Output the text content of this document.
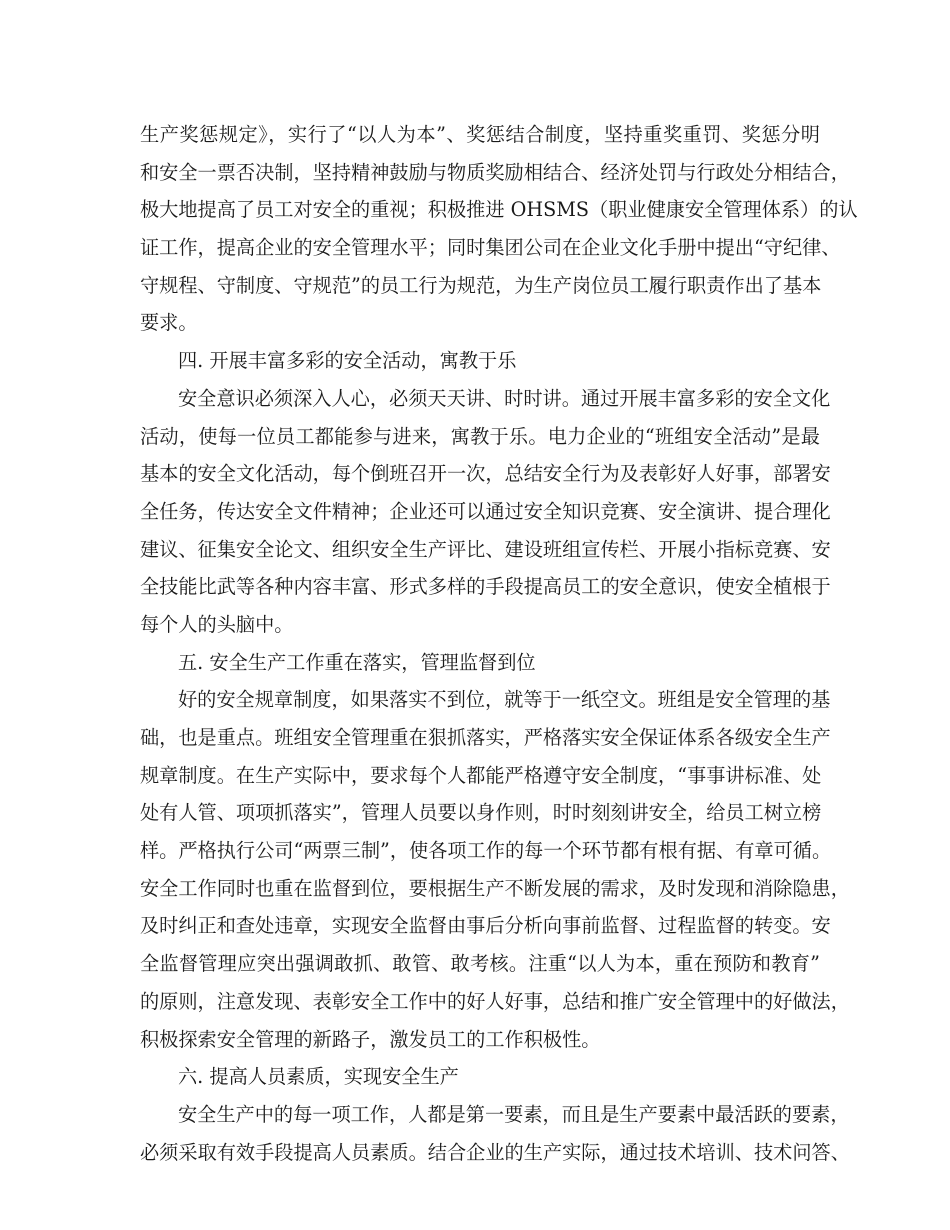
生产奖惩规定》，实行了“以人为本”、奖惩结合制度，坚持重奖重罚、奖惩分明

和安全一票否决制，坚持精神鼓励与物质奖励相结合、经济处罚与行政处分相结合，

极大地提高了员工对安全的重视；积极推进 OHSMS（职业健康安全管理体系）的认

证工作，提高企业的安全管理水平；同时集团公司在企业文化手册中提出“守纪律、

守规程、守制度、守规范”的员工行为规范，为生产岗位员工履行职责作出了基本

要求。

四. 开展丰富多彩的安全活动，寓教于乐

安全意识必须深入人心，必须天天讲、时时讲。通过开展丰富多彩的安全文化

活动，使每一位员工都能参与进来，寓教于乐。电力企业的“班组安全活动”是最

基本的安全文化活动，每个倒班召开一次，总结安全行为及表彰好人好事，部署安

全任务，传达安全文件精神；企业还可以通过安全知识竞赛、安全演讲、提合理化

建议、征集安全论文、组织安全生产评比、建设班组宣传栏、开展小指标竞赛、安

全技能比武等各种内容丰富、形式多样的手段提高员工的安全意识，使安全植根于

每个人的头脑中。

五. 安全生产工作重在落实，管理监督到位

好的安全规章制度，如果落实不到位，就等于一纸空文。班组是安全管理的基

础，也是重点。班组安全管理重在狠抓落实，严格落实安全保证体系各级安全生产

规章制度。在生产实际中，要求每个人都能严格遵守安全制度，“事事讲标准、处

处有人管、项项抓落实”，管理人员要以身作则，时时刻刻讲安全，给员工树立榜

样。严格执行公司“两票三制”，使各项工作的每一个环节都有根有据、有章可循。

安全工作同时也重在监督到位，要根据生产不断发展的需求，及时发现和消除隐患，

及时纠正和查处违章，实现安全监督由事后分析向事前监督、过程监督的转变。安

全监督管理应突出强调敢抓、敢管、敢考核。注重“以人为本，重在预防和教育”

的原则，注意发现、表彰安全工作中的好人好事，总结和推广安全管理中的好做法，

积极探索安全管理的新路子，激发员工的工作积极性。

六. 提高人员素质，实现安全生产

安全生产中的每一项工作，人都是第一要素，而且是生产要素中最活跃的要素，

必须采取有效手段提高人员素质。结合企业的生产实际，通过技术培训、技术问答、
